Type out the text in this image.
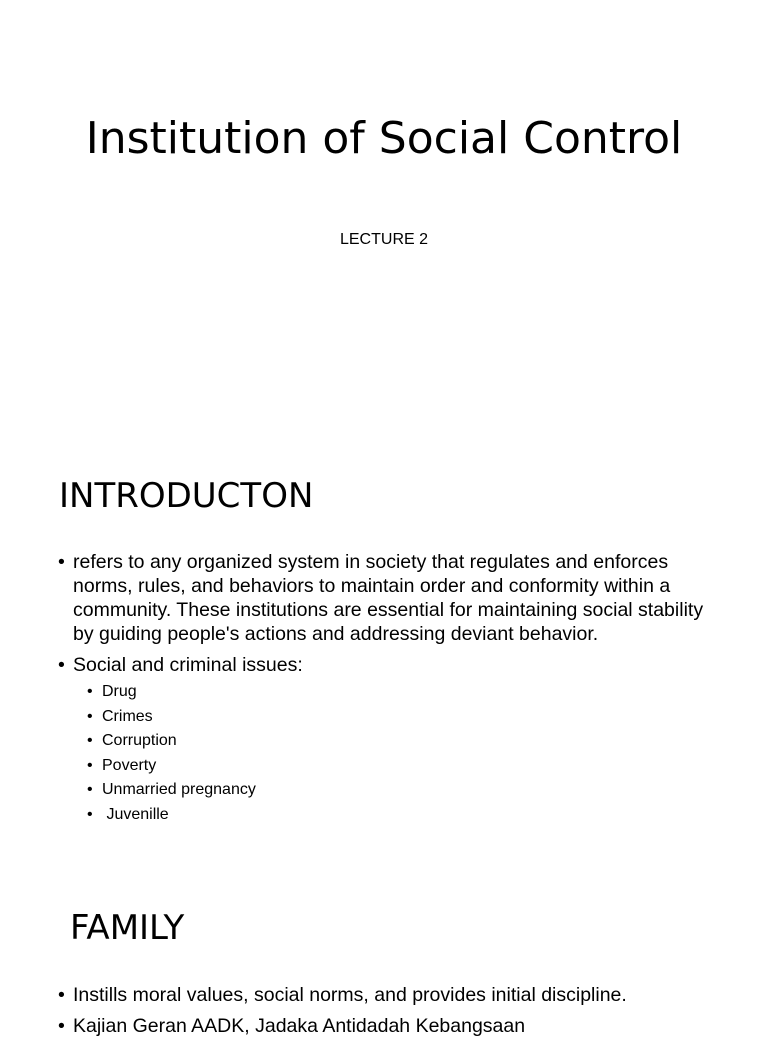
Institution of Social Control
LECTURE 2
INTRODUCTON
• refers to any organized system in society that regulates and enforces norms, rules, and behaviors to maintain order and conformity within a community. These institutions are essential for maintaining social stability by guiding people's actions and addressing deviant behavior.
• Social and criminal issues:
• Drug
• Crimes
• Corruption
• Poverty
• Unmarried pregnancy
• Juvenille
FAMILY
• Instills moral values, social norms, and provides initial discipline.
• Kajian Geran AADK, Jadaka Antidadah Kebangsaan
